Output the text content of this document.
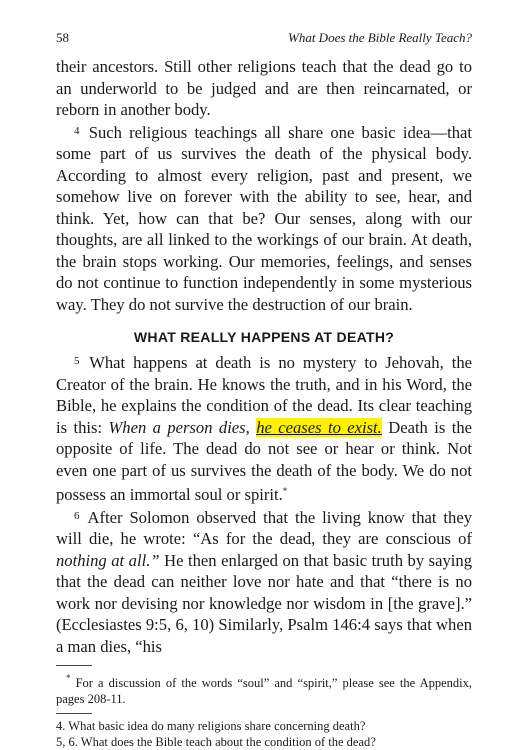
58	What Does the Bible Really Teach?

their ancestors. Still other religions teach that the dead go to an underworld to be judged and are then reincarnated, or reborn in another body.

$^4$ Such religious teachings all share one basic idea—that some part of us survives the death of the physical body. According to almost every religion, past and present, we somehow live on forever with the ability to see, hear, and think. Yet, how can that be? Our senses, along with our thoughts, are all linked to the workings of our brain. At death, the brain stops working. Our memories, feelings, and senses do not continue to function independently in some mysterious way. They do not survive the destruction of our brain.

WHAT REALLY HAPPENS AT DEATH?

$^5$ What happens at death is no mystery to Jehovah, the Creator of the brain. He knows the truth, and in his Word, the Bible, he explains the condition of the dead. Its clear teaching is this: When a person dies, he ceases to exist. Death is the opposite of life. The dead do not see or hear or think. Not even one part of us survives the death of the body. We do not possess an immortal soul or spirit.*

$^6$ After Solomon observed that the living know that they will die, he wrote: “As for the dead, they are conscious of nothing at all.” He then enlarged on that basic truth by saying that the dead can neither love nor hate and that “there is no work nor devising nor knowledge nor wisdom in [the grave].” (Ecclesiastes 9:5, 6, 10) Similarly, Psalm 146:4 says that when a man dies, “his

* For a discussion of the words “soul” and “spirit,” please see the Appendix, pages 208-11.

4. What basic idea do many religions share concerning death?

5, 6. What does the Bible teach about the condition of the dead?
